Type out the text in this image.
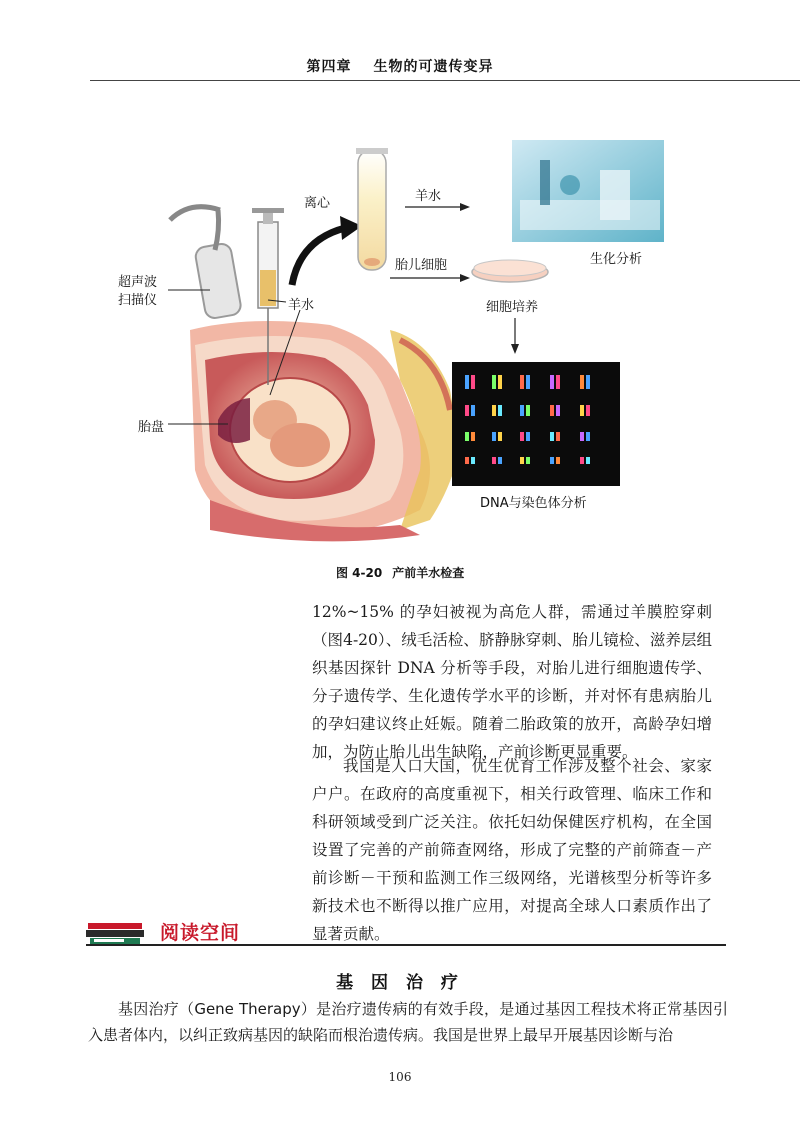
第四章 生物的可遗传变异
超声波
扫描仪	羊水
离心	羊水
胎儿细胞	生化分析
细胞培养
胎盘
DNA与染色体分析
图 4-20 产前羊水检查
12%~15% 的孕妇被视为高危人群，需通过羊膜腔穿刺（图4-20）、绒毛活检、脐静脉穿刺、胎儿镜检、滋养层组织基因探针 DNA 分析等手段，对胎儿进行细胞遗传学、分子遗传学、生化遗传学水平的诊断，并对怀有患病胎儿的孕妇建议终止妊娠。随着二胎政策的放开，高龄孕妇增加，为防止胎儿出生缺陷，产前诊断更显重要。
我国是人口大国，优生优育工作涉及整个社会、家家户户。在政府的高度重视下，相关行政管理、临床工作和科研领域受到广泛关注。依托妇幼保健医疗机构，在全国设置了完善的产前筛查网络，形成了完整的产前筛查－产前诊断－干预和监测工作三级网络，光谱核型分析等许多新技术也不断得以推广应用，对提高全球人口素质作出了显著贡献。
阅读空间
基 因 治 疗
基因治疗（Gene Therapy）是治疗遗传病的有效手段，是通过基因工程技术将正常基因引入患者体内，以纠正致病基因的缺陷而根治遗传病。我国是世界上最早开展基因诊断与治
106
